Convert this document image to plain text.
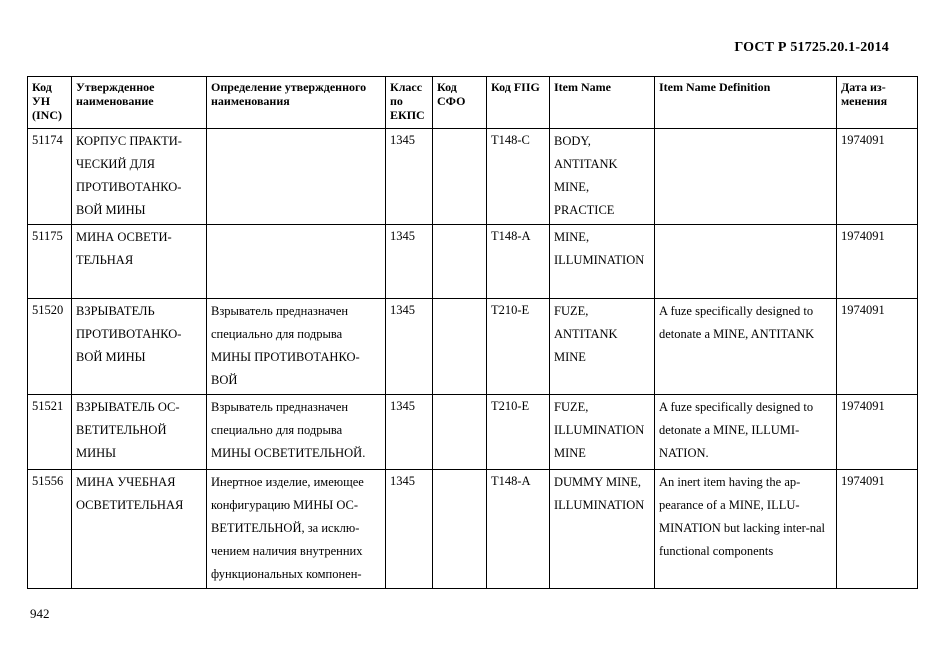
ГОСТ Р 51725.20.1-2014
Код УН (INC)	Утвержденное наименование	Определение утвержденного наименования	Класс по ЕКПС	Код СФО	Код FIIG	Item Name	Item Name Definition	Дата из-менения
51174	КОРПУС ПРАКТИ-ЧЕСКИЙ ДЛЯ ПРОТИВОТАНКО-ВОЙ МИНЫ		1345		T148-C	BODY, ANTITANK MINE, PRACTICE		1974091
51175	МИНА ОСВЕТИ-ТЕЛЬНАЯ		1345		T148-A	MINE, ILLUMINATION		1974091
51520	ВЗРЫВАТЕЛЬ ПРОТИВОТАНКО-ВОЙ МИНЫ	Взрыватель предназначен специально для подрыва МИНЫ ПРОТИВОТАНКО-ВОЙ	1345		T210-E	FUZE, ANTITANK MINE	A fuze specifically designed to detonate a MINE, ANTITANK	1974091
51521	ВЗРЫВАТЕЛЬ ОС-ВЕТИТЕЛЬНОЙ МИНЫ	Взрыватель предназначен специально для подрыва МИНЫ ОСВЕТИТЕЛЬНОЙ.	1345		T210-E	FUZE, ILLUMINATION MINE	A fuze specifically designed to detonate a MINE, ILLUMI-NATION.	1974091
51556	МИНА УЧЕБНАЯ ОСВЕТИТЕЛЬНАЯ	Инертное изделие, имеющее конфигурацию МИНЫ ОС-ВЕТИТЕЛЬНОЙ, за исклю-чением наличия внутренних функциональных компонен-	1345		T148-A	DUMMY MINE, ILLUMINATION	An inert item having the ap-pearance of a MINE, ILLU-MINATION but lacking inter-nal functional components	1974091
942
